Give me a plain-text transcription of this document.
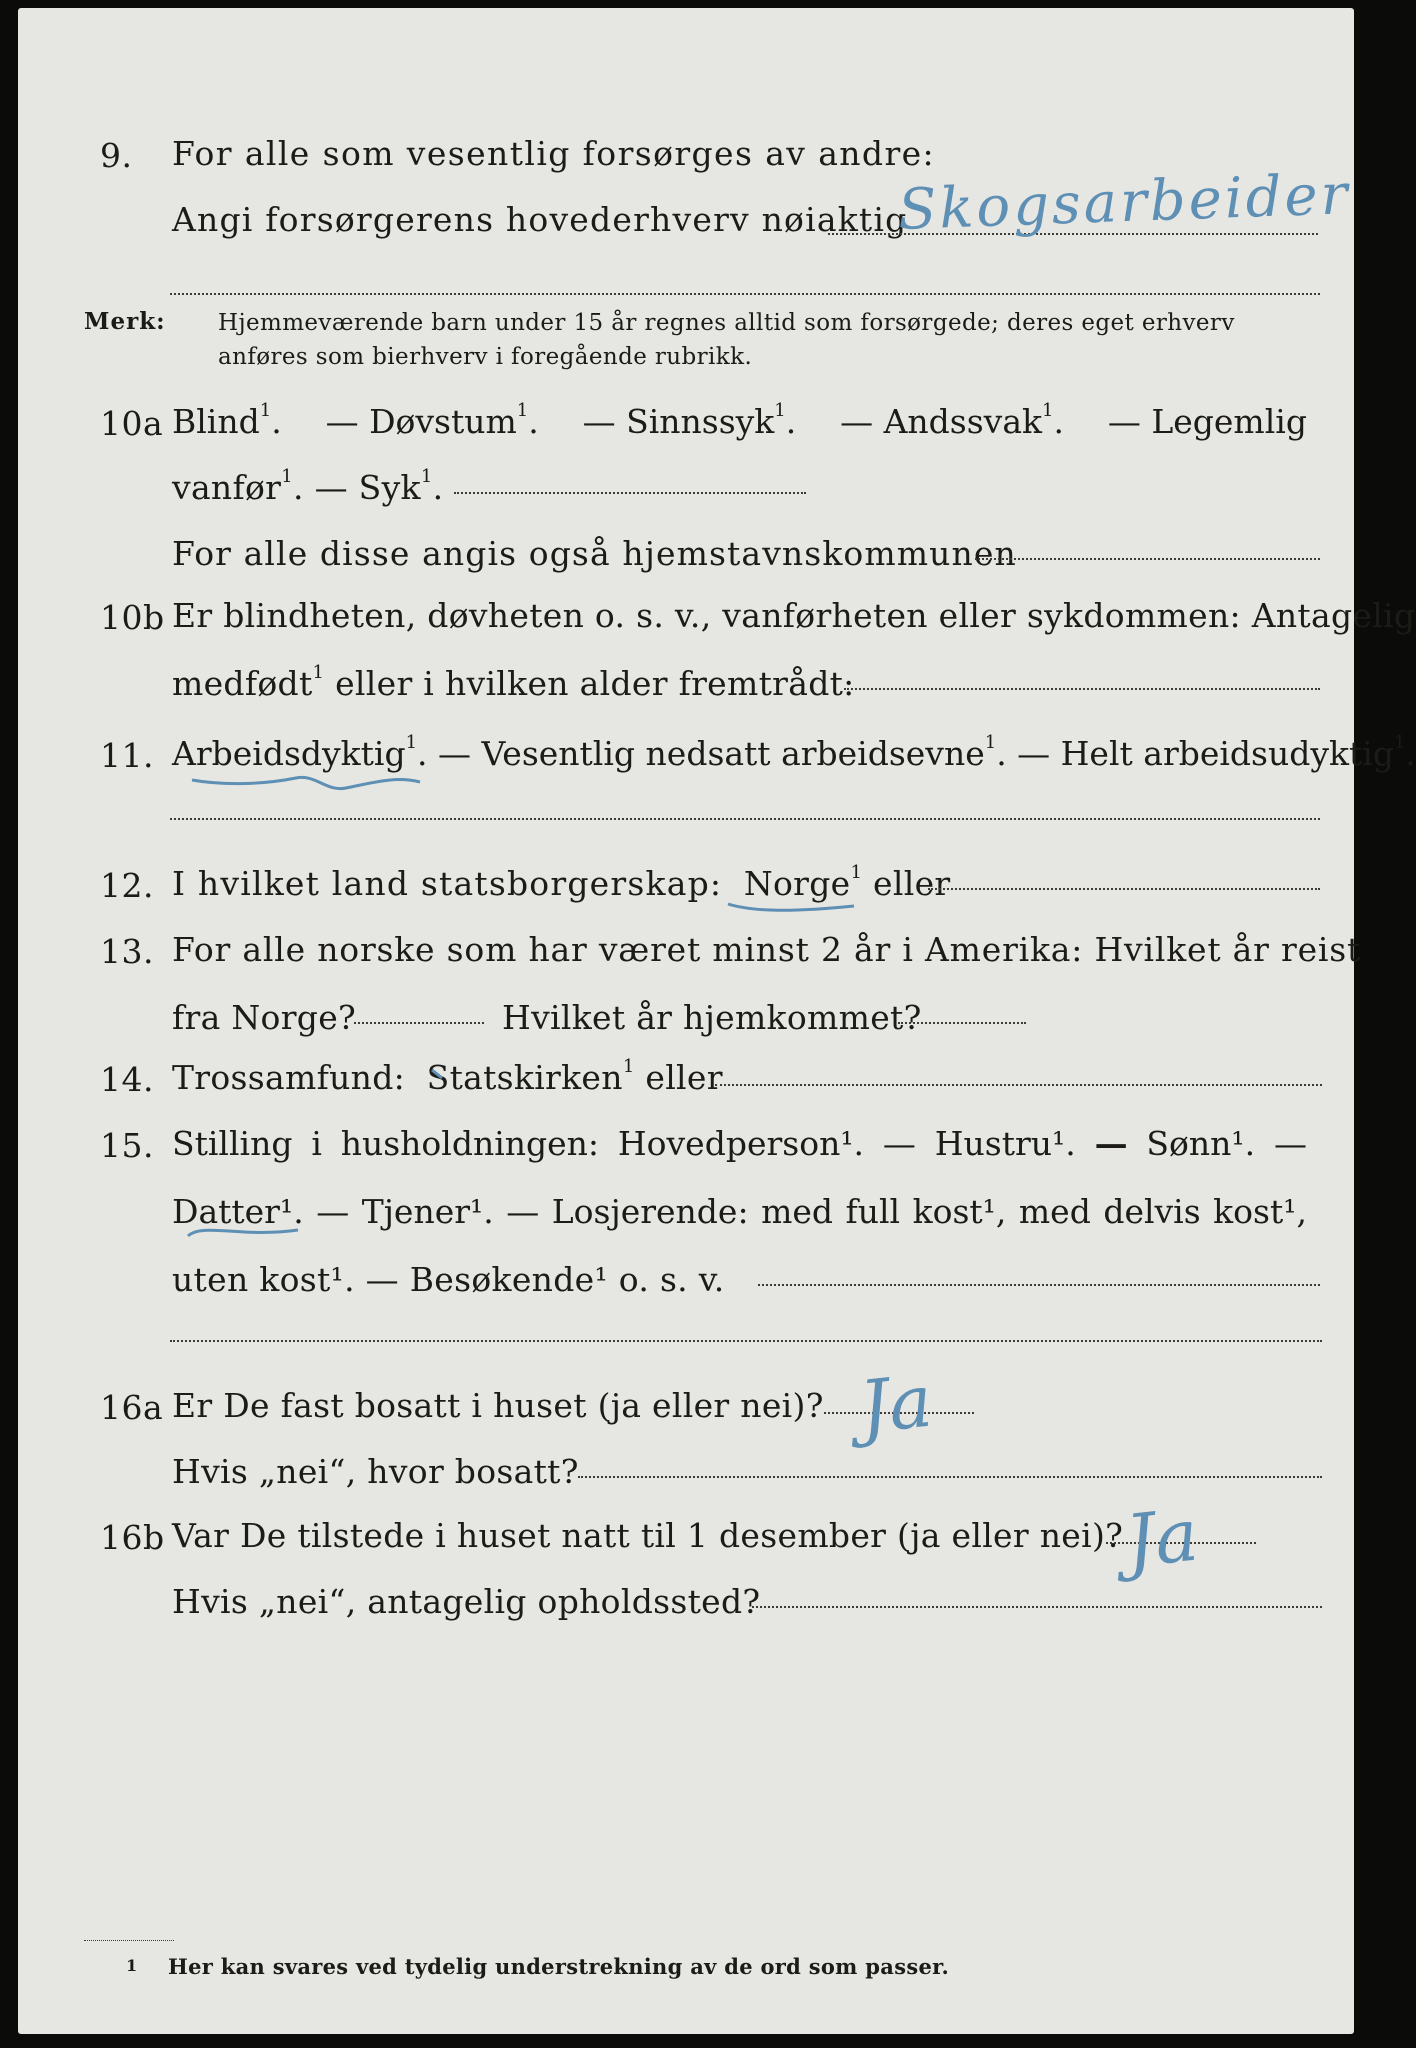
9. For alle som vesentlig forsørges av andre:
Angi forsørgerens hovederhverv nøiaktig
Skogsarbeider
Merk: Hjemmeværende barn under 15 år regnes alltid som forsørgede; deres eget erhverv
anføres som bierhverv i foregående rubrikk.
10a Blind$^1$. — Døvstum$^1$. — Sinnssyk$^1$. — Andssvak$^1$. — Legemlig
vanfør$^1$. — Syk$^1$.
For alle disse angis også hjemstavnskommunen
10b Er blindheten, døvheten o. s. v., vanførheten eller sykdommen: Antagelig
medfødt$^1$ eller i hvilken alder fremtrådt:
11. Arbeidsdyktig$^1$. — Vesentlig nedsatt arbeidsevne$^1$. — Helt arbeidsudyktig$^1$.
12. I hvilket land statsborgerskap: Norge$^1$ eller
13. For alle norske som har været minst 2 år i Amerika: Hvilket år reist
fra Norge?	Hvilket år hjemkommet?
14. Trossamfund: Statskirken$^1$ eller
15. Stilling i husholdningen: Hovedperson¹. — Hustru¹. — Sønn¹. —
Datter¹. — Tjener¹. — Losjerende: med full kost¹, med delvis kost¹,
uten kost¹. — Besøkende¹ o. s. v.
16a Er De fast bosatt i huset (ja eller nei)? Ja
Hvis „nei“, hvor bosatt?
16b Var De tilstede i huset natt til 1 desember (ja eller nei)?
Ja
Hvis „nei“, antagelig opholdssted?
1 Her kan svares ved tydelig understrekning av de ord som passer.
